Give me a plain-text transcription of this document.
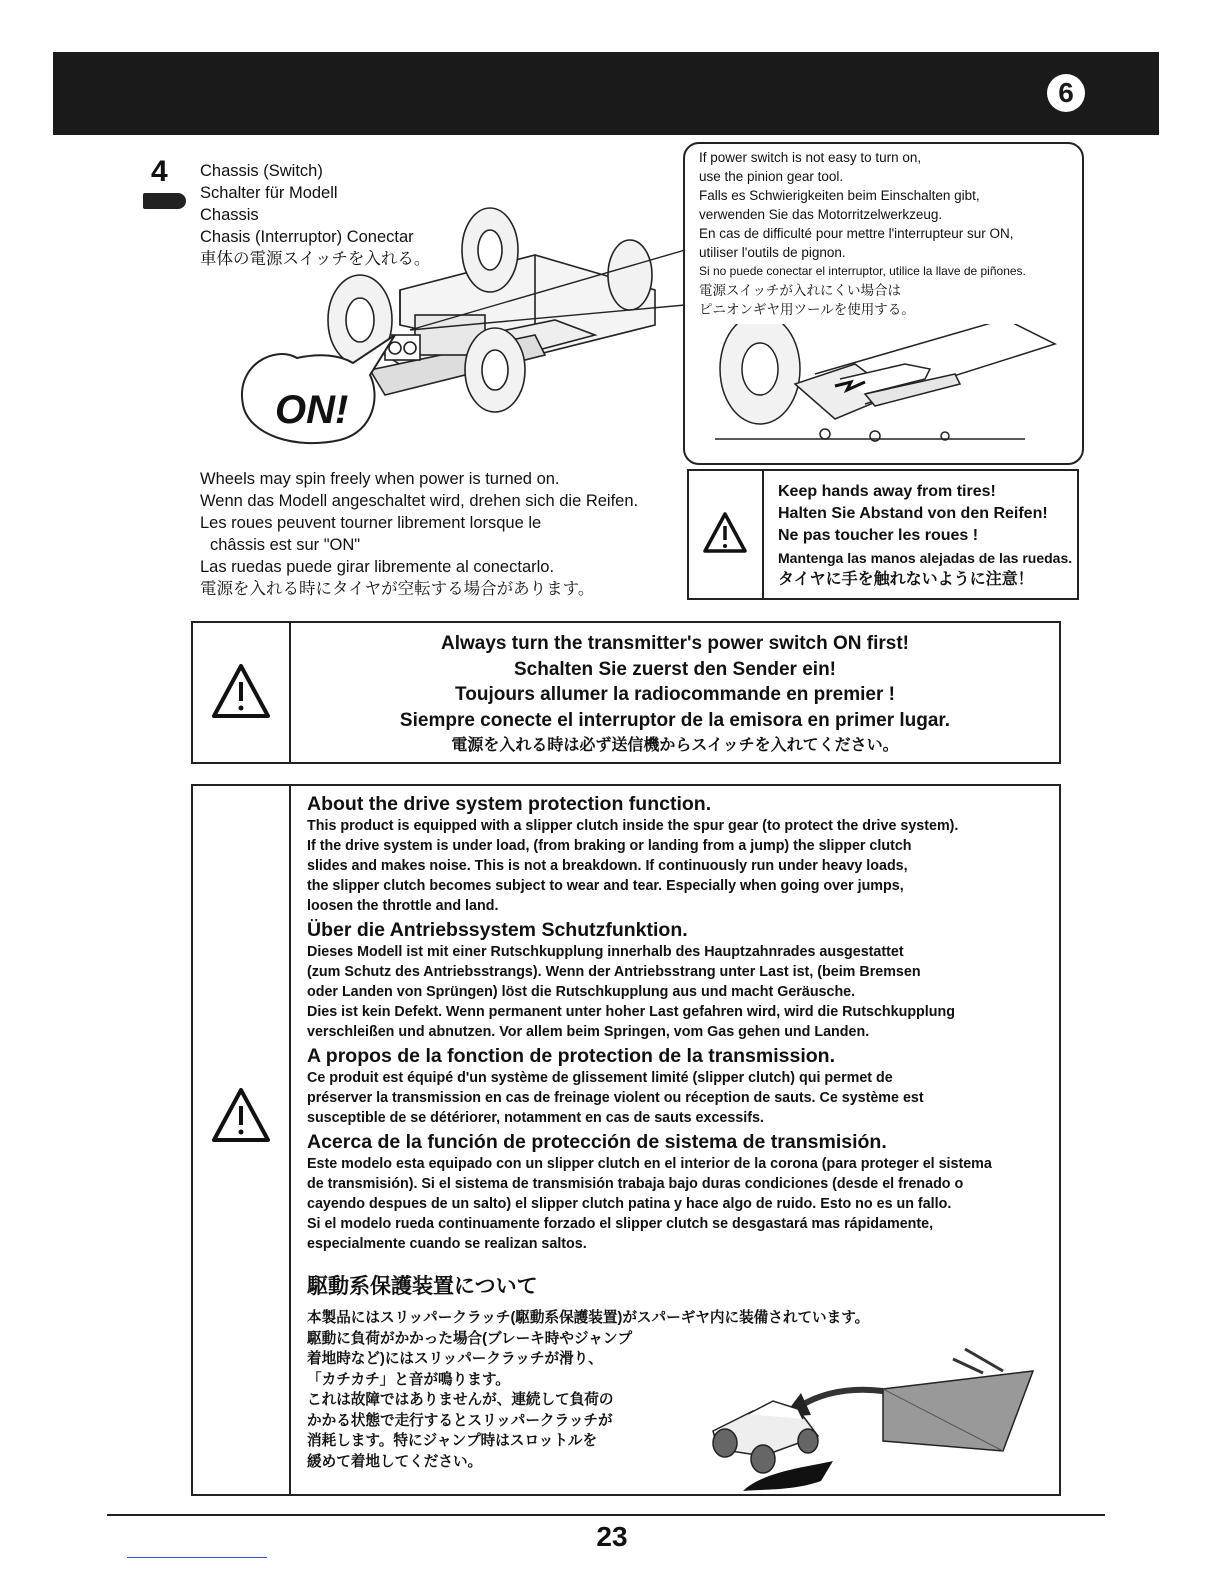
6
4 Chassis (Switch)
Schalter für Modell
Chassis
Chasis (Interruptor) Conectar
車体の電源スイッチを入れる。
ON!
If power switch is not easy to turn on,
use the pinion gear tool.
Falls es Schwierigkeiten beim Einschalten gibt,
verwenden Sie das Motorritzelwerkzeug.
En cas de difficulté pour mettre l'interrupteur sur ON,
utiliser l'outils de pignon.
Si no puede conectar el interruptor, utilice la llave de piñones.
電源スイッチが入れにくい場合は
ピニオンギヤ用ツールを使用する。
Wheels may spin freely when power is turned on.
Wenn das Modell angeschaltet wird, drehen sich die Reifen.
Les roues peuvent tourner librement lorsque le
châssis est sur "ON"
Las ruedas puede girar libremente al conectarlo.
電源を入れる時にタイヤが空転する場合があります。
Keep hands away from tires!
Halten Sie Abstand von den Reifen!
Ne pas toucher les roues !
Mantenga las manos alejadas de las ruedas.
タイヤに手を触れないように注意！
Always turn the transmitter's power switch ON first!
Schalten Sie zuerst den Sender ein!
Toujours allumer la radiocommande en premier !
Siempre conecte el interruptor de la emisora en primer lugar.
電源を入れる時は必ず送信機からスイッチを入れてください。
About the drive system protection function.
This product is equipped with a slipper clutch inside the spur gear (to protect the drive system).
If the drive system is under load, (from braking or landing from a jump) the slipper clutch
slides and makes noise. This is not a breakdown. If continuously run under heavy loads,
the slipper clutch becomes subject to wear and tear. Especially when going over jumps,
loosen the throttle and land.
Über die Antriebssystem Schutzfunktion.
Dieses Modell ist mit einer Rutschkupplung innerhalb des Hauptzahnrades ausgestattet
(zum Schutz des Antriebsstrangs). Wenn der Antriebsstrang unter Last ist, (beim Bremsen
oder Landen von Sprüngen) löst die Rutschkupplung aus und macht Geräusche.
Dies ist kein Defekt. Wenn permanent unter hoher Last gefahren wird, wird die Rutschkupplung
verschleißen und abnutzen. Vor allem beim Springen, vom Gas gehen und Landen.
A propos de la fonction de protection de la transmission.
Ce produit est équipé d'un système de glissement limité (slipper clutch) qui permet de
préserver la transmission en cas de freinage violent ou réception de sauts. Ce système est
susceptible de se détériorer, notamment en cas de sauts excessifs.
Acerca de la función de protección de sistema de transmisión.
Este modelo esta equipado con un slipper clutch en el interior de la corona (para proteger el sistema
de transmisión). Si el sistema de transmisión trabaja bajo duras condiciones (desde el frenado o
cayendo despues de un salto) el slipper clutch patina y hace algo de ruido. Esto no es un fallo.
Si el modelo rueda continuamente forzado el slipper clutch se desgastará mas rápidamente,
especialmente cuando se realizan saltos.
駆動系保護装置について
本製品にはスリッパークラッチ(駆動系保護装置)がスパーギヤ内に装備されています。
駆動に負荷がかかった場合(ブレーキ時やジャンプ
着地時など)にはスリッパークラッチが滑り、
「カチカチ」と音が鳴ります。
これは故障ではありませんが、連続して負荷の
かかる状態で走行するとスリッパークラッチが
消耗します。特にジャンプ時はスロットルを
緩めて着地してください。
23
